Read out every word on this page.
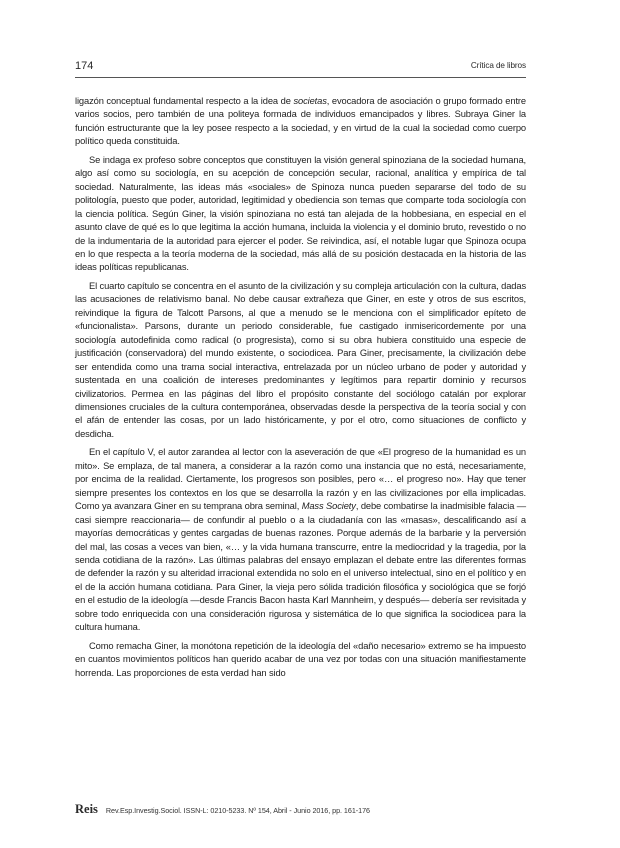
174	Crítica de libros

ligazón conceptual fundamental respecto a la idea de societas, evocadora de asociación o grupo formado entre varios socios, pero también de una politeya formada de individuos emancipados y libres. Subraya Giner la función estructurante que la ley posee respecto a la sociedad, y en virtud de la cual la sociedad como cuerpo político queda constituida.

Se indaga ex profeso sobre conceptos que constituyen la visión general spinoziana de la sociedad humana, algo así como su sociología, en su acepción de concepción secular, racional, analítica y empírica de tal sociedad. Naturalmente, las ideas más «sociales» de Spinoza nunca pueden separarse del todo de su politología, puesto que poder, autoridad, legitimidad y obediencia son temas que comparte toda sociología con la ciencia política. Según Giner, la visión spinoziana no está tan alejada de la hobbesiana, en especial en el asunto clave de qué es lo que legitima la acción humana, incluida la violencia y el dominio bruto, revestido o no de la indumentaria de la autoridad para ejercer el poder. Se reivindica, así, el notable lugar que Spinoza ocupa en lo que respecta a la teoría moderna de la sociedad, más allá de su posición destacada en la historia de las ideas políticas republicanas.

El cuarto capítulo se concentra en el asunto de la civilización y su compleja articulación con la cultura, dadas las acusaciones de relativismo banal. No debe causar extrañeza que Giner, en este y otros de sus escritos, reivindique la figura de Talcott Parsons, al que a menudo se le menciona con el simplificador epíteto de «funcionalista». Parsons, durante un periodo considerable, fue castigado inmisericordemente por una sociología autodefinida como radical (o progresista), como si su obra hubiera constituido una especie de justificación (conservadora) del mundo existente, o sociodicea. Para Giner, precisamente, la civilización debe ser entendida como una trama social interactiva, entrelazada por un núcleo urbano de poder y autoridad y sustentada en una coalición de intereses predominantes y legítimos para repartir dominio y recursos civilizatorios. Permea en las páginas del libro el propósito constante del sociólogo catalán por explorar dimensiones cruciales de la cultura contemporánea, observadas desde la perspectiva de la teoría social y con el afán de entender las cosas, por un lado históricamente, y por el otro, como situaciones de conflicto y desdicha.

En el capítulo V, el autor zarandea al lector con la aseveración de que «El progreso de la humanidad es un mito». Se emplaza, de tal manera, a considerar a la razón como una instancia que no está, necesariamente, por encima de la realidad. Ciertamente, los progresos son posibles, pero «… el progreso no». Hay que tener siempre presentes los contextos en los que se desarrolla la razón y en las civilizaciones por ella implicadas. Como ya avanzara Giner en su temprana obra seminal, Mass Society, debe combatirse la inadmisible falacia —casi siempre reaccionaria— de confundir al pueblo o a la ciudadanía con las «masas», descalificando así a mayorías democráticas y gentes cargadas de buenas razones. Porque además de la barbarie y la perversión del mal, las cosas a veces van bien, «… y la vida humana transcurre, entre la mediocridad y la tragedia, por la senda cotidiana de la razón». Las últimas palabras del ensayo emplazan el debate entre las diferentes formas de defender la razón y su alteridad irracional extendida no solo en el universo intelectual, sino en el político y en el de la acción humana cotidiana. Para Giner, la vieja pero sólida tradición filosófica y sociológica que se forjó en el estudio de la ideología —desde Francis Bacon hasta Karl Mannheim, y después— debería ser revisitada y sobre todo enriquecida con una consideración rigurosa y sistemática de lo que significa la sociodicea para la cultura humana.

Como remacha Giner, la monótona repetición de la ideología del «daño necesario» extremo se ha impuesto en cuantos movimientos políticos han querido acabar de una vez por todas con una situación manifiestamente horrenda. Las proporciones de esta verdad han sido

Reis Rev.Esp.Investig.Sociol. ISSN-L: 0210-5233. Nº 154, Abril - Junio 2016, pp. 161-176
